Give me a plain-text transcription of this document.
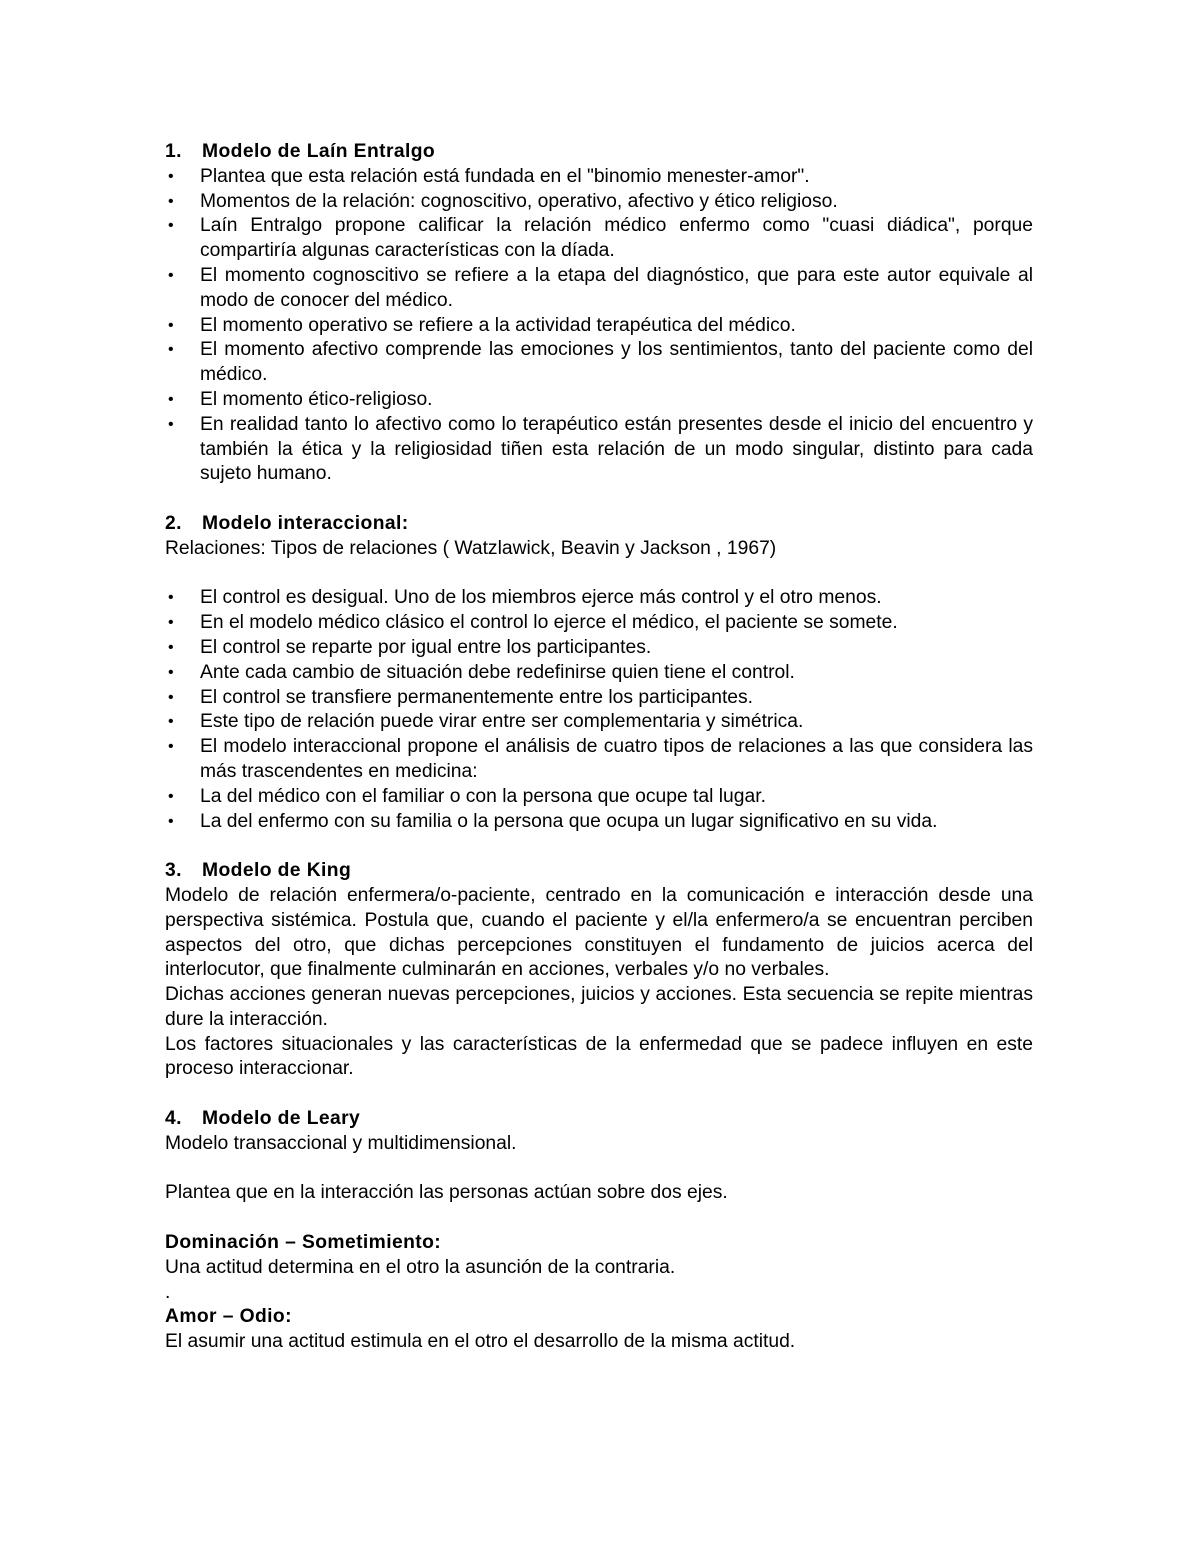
1.	Modelo de Laín Entralgo
• Plantea que esta relación está fundada en el "binomio menester-amor".
• Momentos de la relación: cognoscitivo, operativo, afectivo y ético religioso.
• Laín Entralgo propone calificar la relación médico enfermo como "cuasi diádica", porque compartiría algunas características con la díada.
• El momento cognoscitivo se refiere a la etapa del diagnóstico, que para este autor equivale al modo de conocer del médico.
• El momento operativo se refiere a la actividad terapéutica del médico.
• El momento afectivo comprende las emociones y los sentimientos, tanto del paciente como del médico.
• El momento ético-religioso.
• En realidad tanto lo afectivo como lo terapéutico están presentes desde el inicio del encuentro y también la ética y la religiosidad tiñen esta relación de un modo singular, distinto para cada sujeto humano.
2.	Modelo interaccional:

Relaciones: Tipos de relaciones ( Watzlawick, Beavin y Jackson , 1967)

• El control es desigual. Uno de los miembros ejerce más control y el otro menos.
• En el modelo médico clásico el control lo ejerce el médico, el paciente se somete.
• El control se reparte por igual entre los participantes.
• Ante cada cambio de situación debe redefinirse quien tiene el control.
• El control se transfiere permanentemente entre los participantes.
• Este tipo de relación puede virar entre ser complementaria y simétrica.
• El modelo interaccional propone el análisis de cuatro tipos de relaciones a las que considera las más trascendentes en medicina:
• La del médico con el familiar o con la persona que ocupe tal lugar.
• La del enfermo con su familia o la persona que ocupa un lugar significativo en su vida.
3.	Modelo de King

Modelo de relación enfermera/o-paciente, centrado en la comunicación e interacción desde una perspectiva sistémica. Postula que, cuando el paciente y el/la enfermero/a se encuentran perciben aspectos del otro, que dichas percepciones constituyen el fundamento de juicios acerca del interlocutor, que finalmente culminarán en acciones, verbales y/o no verbales.

Dichas acciones generan nuevas percepciones, juicios y acciones. Esta secuencia se repite mientras dure la interacción.

Los factores situacionales y las características de la enfermedad que se padece influyen en este proceso interaccionar.

4.	Modelo de Leary

Modelo transaccional y multidimensional.

Plantea que en la interacción las personas actúan sobre dos ejes.

Dominación – Sometimiento:

Una actitud determina en el otro la asunción de la contraria.

.

Amor – Odio:

El asumir una actitud estimula en el otro el desarrollo de la misma actitud.
